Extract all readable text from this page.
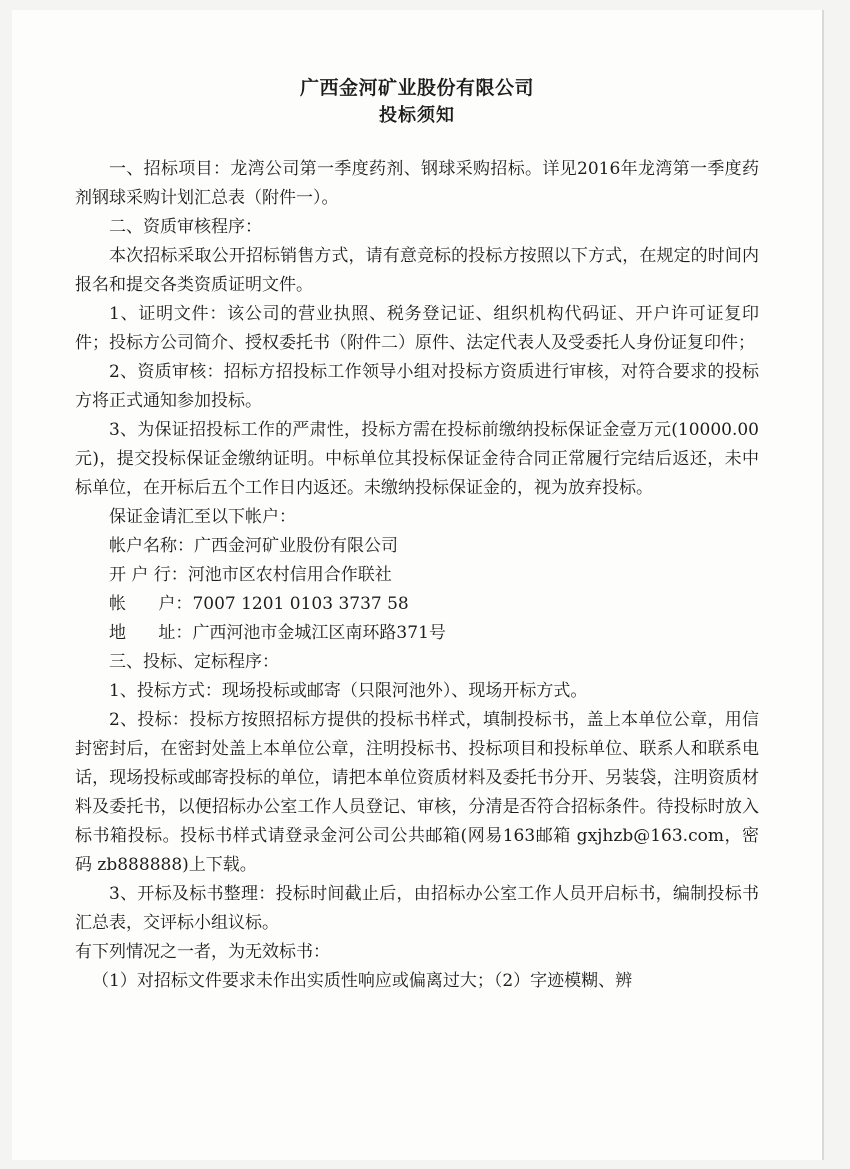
广西金河矿业股份有限公司
投标须知

一、招标项目：龙湾公司第一季度药剂、钢球采购招标。详见2016年龙湾第一季度药剂钢球采购计划汇总表（附件一）。

二、资质审核程序：

本次招标采取公开招标销售方式，请有意竞标的投标方按照以下方式，在规定的时间内报名和提交各类资质证明文件。

1、证明文件：该公司的营业执照、税务登记证、组织机构代码证、开户许可证复印件；投标方公司简介、授权委托书（附件二）原件、法定代表人及受委托人身份证复印件；

2、资质审核：招标方招投标工作领导小组对投标方资质进行审核，对符合要求的投标方将正式通知参加投标。

3、为保证招投标工作的严肃性，投标方需在投标前缴纳投标保证金壹万元(10000.00元)，提交投标保证金缴纳证明。中标单位其投标保证金待合同正常履行完结后返还，未中标单位，在开标后五个工作日内返还。未缴纳投标保证金的，视为放弃投标。

保证金请汇至以下帐户：

帐户名称： 广西金河矿业股份有限公司
开 户 行： 河池市区农村信用合作联社
帐      户： 7007 1201 0103 3737 58
地      址： 广西河池市金城江区南环路371号

三、投标、定标程序：

1、投标方式：现场投标或邮寄（只限河池外）、现场开标方式。

2、投标：投标方按照招标方提供的投标书样式，填制投标书，盖上本单位公章，用信封密封后，在密封处盖上本单位公章，注明投标书、投标项目和投标单位、联系人和联系电话，现场投标或邮寄投标的单位，请把本单位资质材料及委托书分开、另装袋，注明资质材料及委托书，以便招标办公室工作人员登记、审核，分清是否符合招标条件。待投标时放入标书箱投标。投标书样式请登录金河公司公共邮箱(网易163邮箱 gxjhzb@163.com，密码 zb888888)上下载。

3、开标及标书整理：投标时间截止后，由招标办公室工作人员开启标书，编制投标书汇总表，交评标小组议标。

有下列情况之一者，为无效标书：

（1）对招标文件要求未作出实质性响应或偏离过大；（2）字迹模糊、辨
